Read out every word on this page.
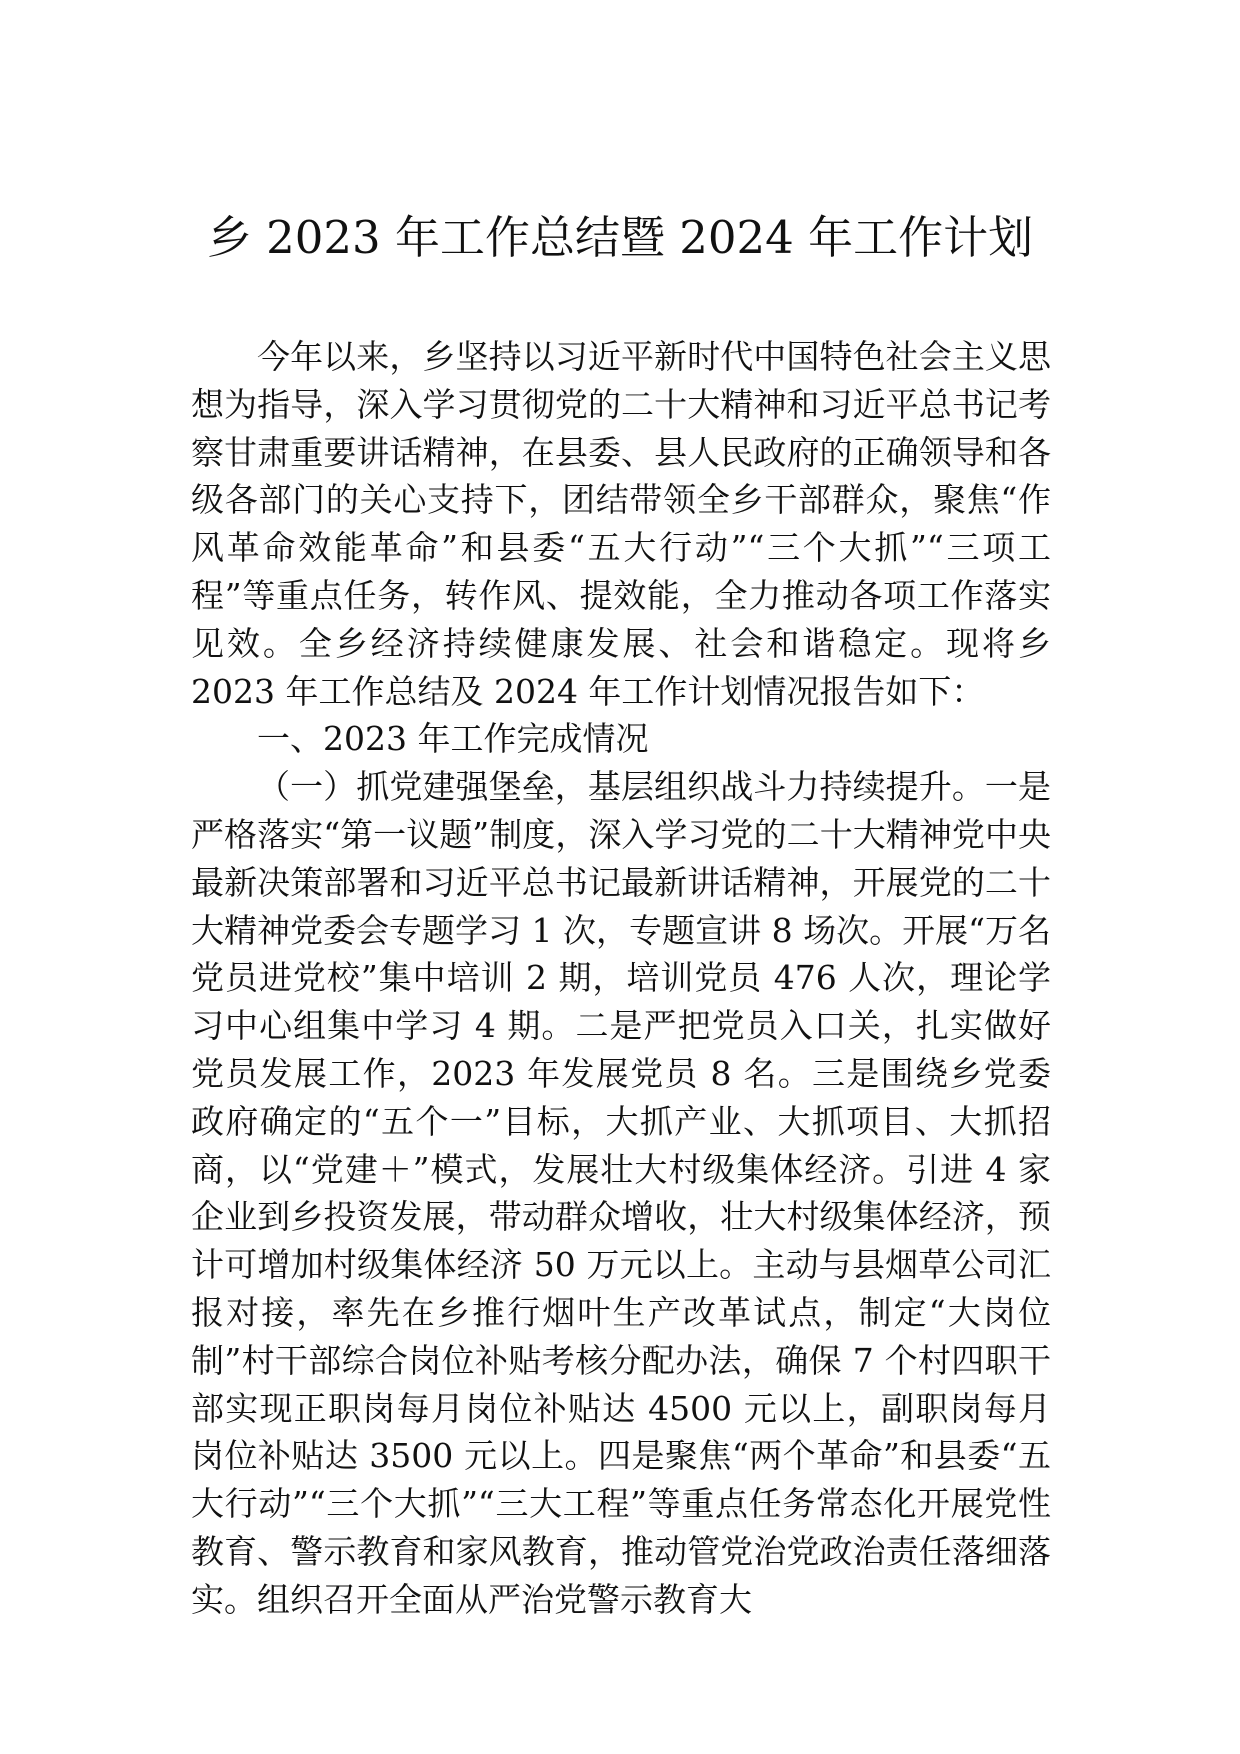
乡 2023 年工作总结暨 2024 年工作计划

今年以来，乡坚持以习近平新时代中国特色社会主义思想为指导，深入学习贯彻党的二十大精神和习近平总书记考察甘肃重要讲话精神，在县委、县人民政府的正确领导和各级各部门的关心支持下，团结带领全乡干部群众，聚焦“作风革命效能革命”和县委“五大行动”“三个大抓”“三项工程”等重点任务，转作风、提效能，全力推动各项工作落实见效。全乡经济持续健康发展、社会和谐稳定。现将乡 2023 年工作总结及 2024 年工作计划情况报告如下：

一、2023 年工作完成情况

（一）抓党建强堡垒，基层组织战斗力持续提升。一是严格落实“第一议题”制度，深入学习党的二十大精神党中央最新决策部署和习近平总书记最新讲话精神，开展党的二十大精神党委会专题学习 1 次，专题宣讲 8 场次。开展“万名党员进党校”集中培训 2 期，培训党员 476 人次，理论学习中心组集中学习 4 期。二是严把党员入口关，扎实做好党员发展工作，2023 年发展党员 8 名。三是围绕乡党委政府确定的“五个一”目标，大抓产业、大抓项目、大抓招商，以“党建＋”模式，发展壮大村级集体经济。引进 4 家企业到乡投资发展，带动群众增收，壮大村级集体经济，预计可增加村级集体经济 50 万元以上。主动与县烟草公司汇报对接，率先在乡推行烟叶生产改革试点，制定“大岗位制”村干部综合岗位补贴考核分配办法，确保 7 个村四职干部实现正职岗每月岗位补贴达 4500 元以上，副职岗每月岗位补贴达 3500 元以上。四是聚焦“两个革命”和县委“五大行动”“三个大抓”“三大工程”等重点任务常态化开展党性教育、警示教育和家风教育，推动管党治党政治责任落细落实。组织召开全面从严治党警示教育大
